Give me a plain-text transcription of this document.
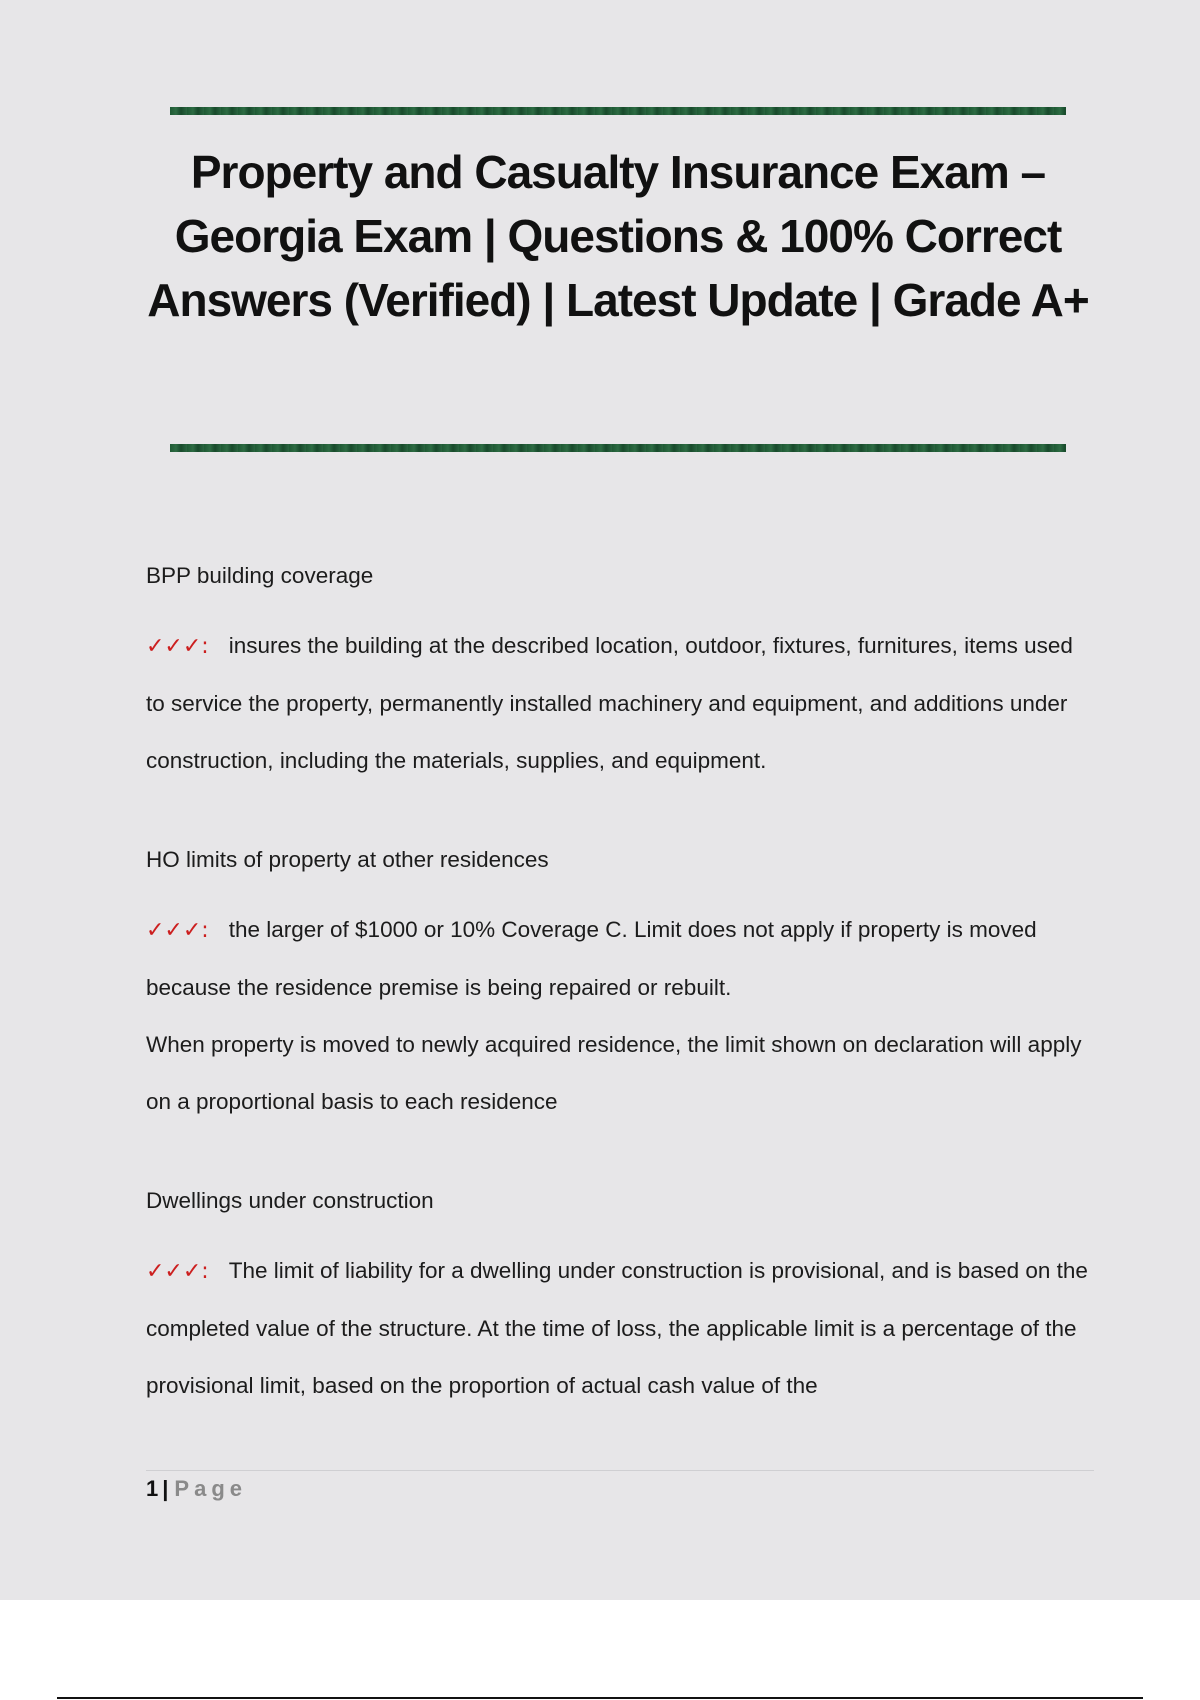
Property and Casualty Insurance Exam – Georgia Exam | Questions & 100% Correct Answers (Verified) | Latest Update | Grade A+

BPP building coverage

✓✓✓: insures the building at the described location, outdoor, fixtures, furnitures, items used to service the property, permanently installed machinery and equipment, and additions under construction, including the materials, supplies, and equipment.

HO limits of property at other residences

✓✓✓: the larger of $1000 or 10% Coverage C. Limit does not apply if property is moved because the residence premise is being repaired or rebuilt.

When property is moved to newly acquired residence, the limit shown on declaration will apply on a proportional basis to each residence

Dwellings under construction

✓✓✓: The limit of liability for a dwelling under construction is provisional, and is based on the completed value of the structure. At the time of loss, the applicable limit is a percentage of the provisional limit, based on the proportion of actual cash value of the

1 | Page
